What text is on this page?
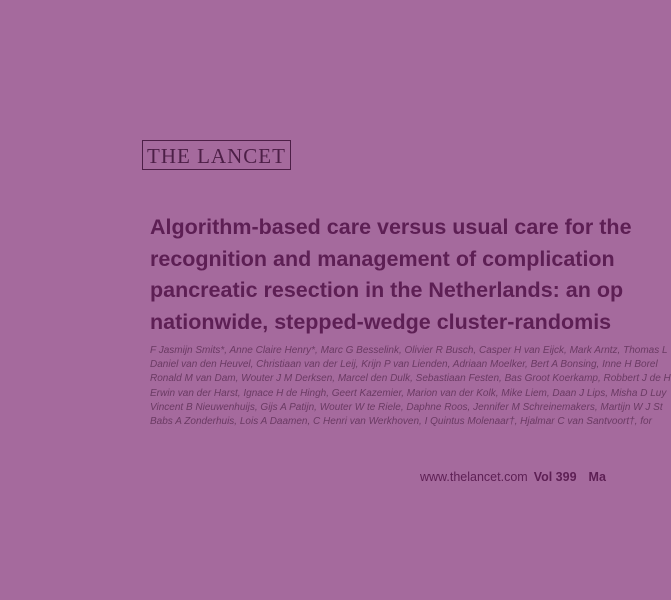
THE LANCET
Algorithm-based care versus usual care for the
recognition and management of complication
pancreatic resection in the Netherlands: an op
nationwide, stepped-wedge cluster-randomis
F Jasmijn Smits*, Anne Claire Henry*, Marc G Besselink, Olivier R Busch, Casper H van Eijck, Mark Arntz, Thomas L
Daniel van den Heuvel, Christiaan van der Leij, Krijn P van Lienden, Adriaan Moelker, Bert A Bonsing, Inne H Borel
Ronald M van Dam, Wouter J M Derksen, Marcel den Dulk, Sebastiaan Festen, Bas Groot Koerkamp, Robbert J de H
Erwin van der Harst, Ignace H de Hingh, Geert Kazemier, Marion van der Kolk, Mike Liem, Daan J Lips, Misha D Luy
Vincent B Nieuwenhuijs, Gijs A Patijn, Wouter W te Riele, Daphne Roos, Jennifer M Schreinemakers, Martijn W J St
Babs A Zonderhuis, Lois A Daamen, C Henri van Werkhoven, I Quintus Molenaar†, Hjalmar C van Santvoort†, for
www.thelancet.com Vol 399 Ma
